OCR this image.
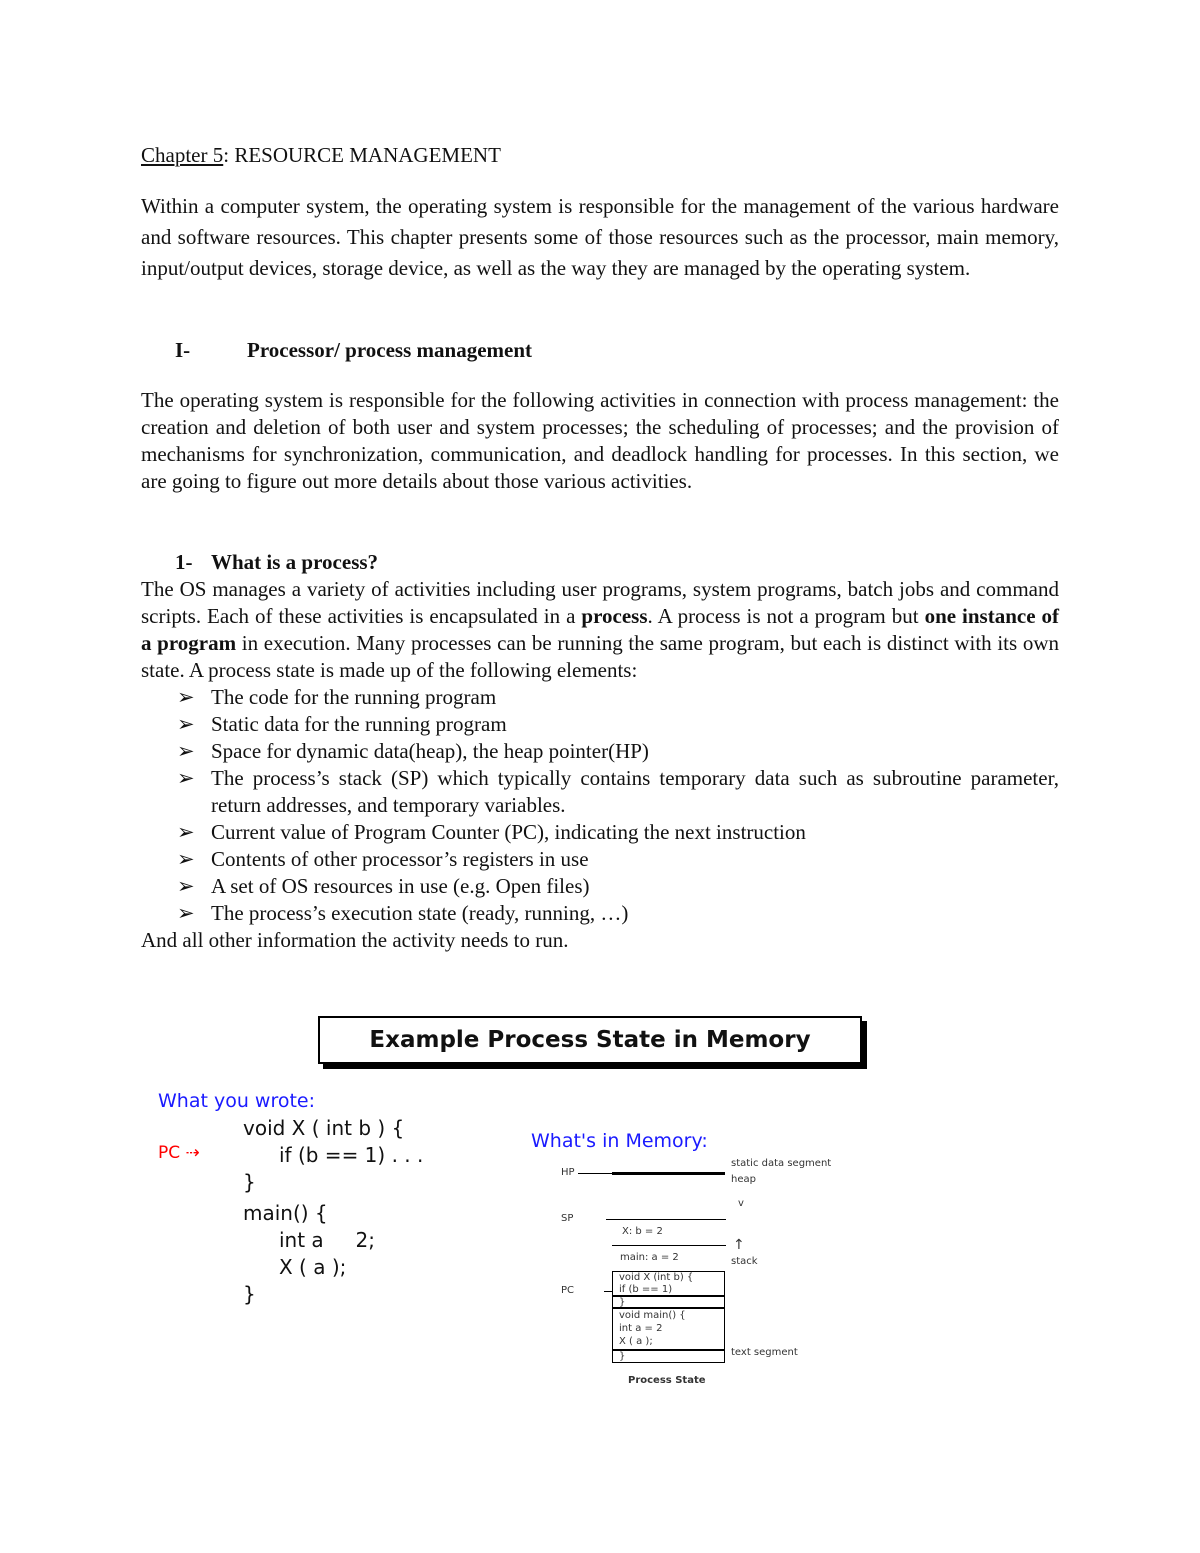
Chapter 5: RESOURCE MANAGEMENT
Within a computer system, the operating system is responsible for the management of the various hardware and software resources. This chapter presents some of those resources such as the processor, main memory, input/output devices, storage device, as well as the way they are managed by the operating system.
I-	Processor/ process management
The operating system is responsible for the following activities in connection with process management: the creation and deletion of both user and system processes; the scheduling of processes; and the provision of mechanisms for synchronization, communication, and deadlock handling for processes. In this section, we are going to figure out more details about those various activities.
1- What is a process?
The OS manages a variety of activities including user programs, system programs, batch jobs and command scripts. Each of these activities is encapsulated in a process. A process is not a program but one instance of a program in execution. Many processes can be running the same program, but each is distinct with its own state. A process state is made up of the following elements:
➢ The code for the running program
➢ Static data for the running program
➢ Space for dynamic data(heap), the heap pointer(HP)
➢ The process’s stack (SP) which typically contains temporary data such as subroutine parameter, return addresses, and temporary variables.
➢ Current value of Program Counter (PC), indicating the next instruction
➢ Contents of other processor’s registers in use
➢ A set of OS resources in use (e.g. Open files)
➢ The process’s execution state (ready, running, …)
And all other information the activity needs to run.
Example Process State in Memory
What you wrote:
PC ⇢
void X ( int b ) {
if (b == 1) . . .
}
main() {
int a     2;
X ( a );
}
What's in Memory:
HP
static data segment
heap
v
SP
X: b = 2
↑
main: a = 2	stack
PC
void X (int b) {
if (b == 1)
}
void main() {
int a = 2
X ( a );
}	text segment
Process State
